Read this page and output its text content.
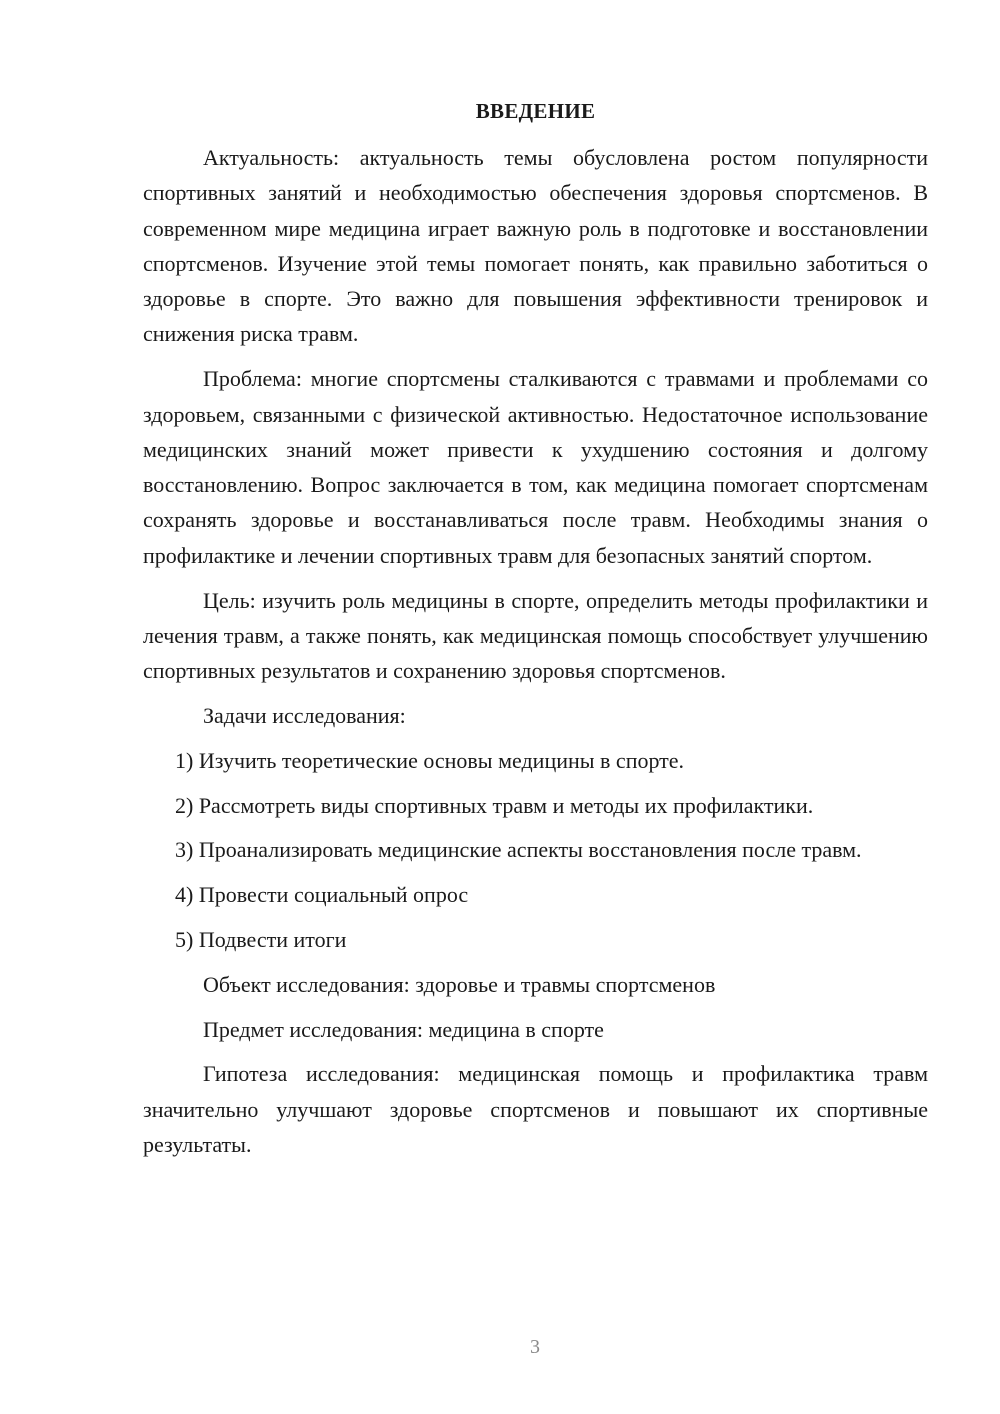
ВВЕДЕНИЕ

Актуальность: актуальность темы обусловлена ростом популярности спортивных занятий и необходимостью обеспечения здоровья спортсменов. В современном мире медицина играет важную роль в подготовке и восстановлении спортсменов. Изучение этой темы помогает понять, как правильно заботиться о здоровье в спорте. Это важно для повышения эффективности тренировок и снижения риска травм.

Проблема: многие спортсмены сталкиваются с травмами и проблемами со здоровьем, связанными с физической активностью. Недостаточное использование медицинских знаний может привести к ухудшению состояния и долгому восстановлению. Вопрос заключается в том, как медицина помогает спортсменам сохранять здоровье и восстанавливаться после травм. Необходимы знания о профилактике и лечении спортивных травм для безопасных занятий спортом.

Цель: изучить роль медицины в спорте, определить методы профилактики и лечения травм, а также понять, как медицинская помощь способствует улучшению спортивных результатов и сохранению здоровья спортсменов.

Задачи исследования:

1) Изучить теоретические основы медицины в спорте.

2) Рассмотреть виды спортивных травм и методы их профилактики.

3) Проанализировать медицинские аспекты восстановления после травм.

4) Провести социальный опрос

5) Подвести итоги

Объект исследования: здоровье и травмы спортсменов

Предмет исследования: медицина в спорте

Гипотеза исследования: медицинская помощь и профилактика травм значительно улучшают здоровье спортсменов и повышают их спортивные результаты.

3
